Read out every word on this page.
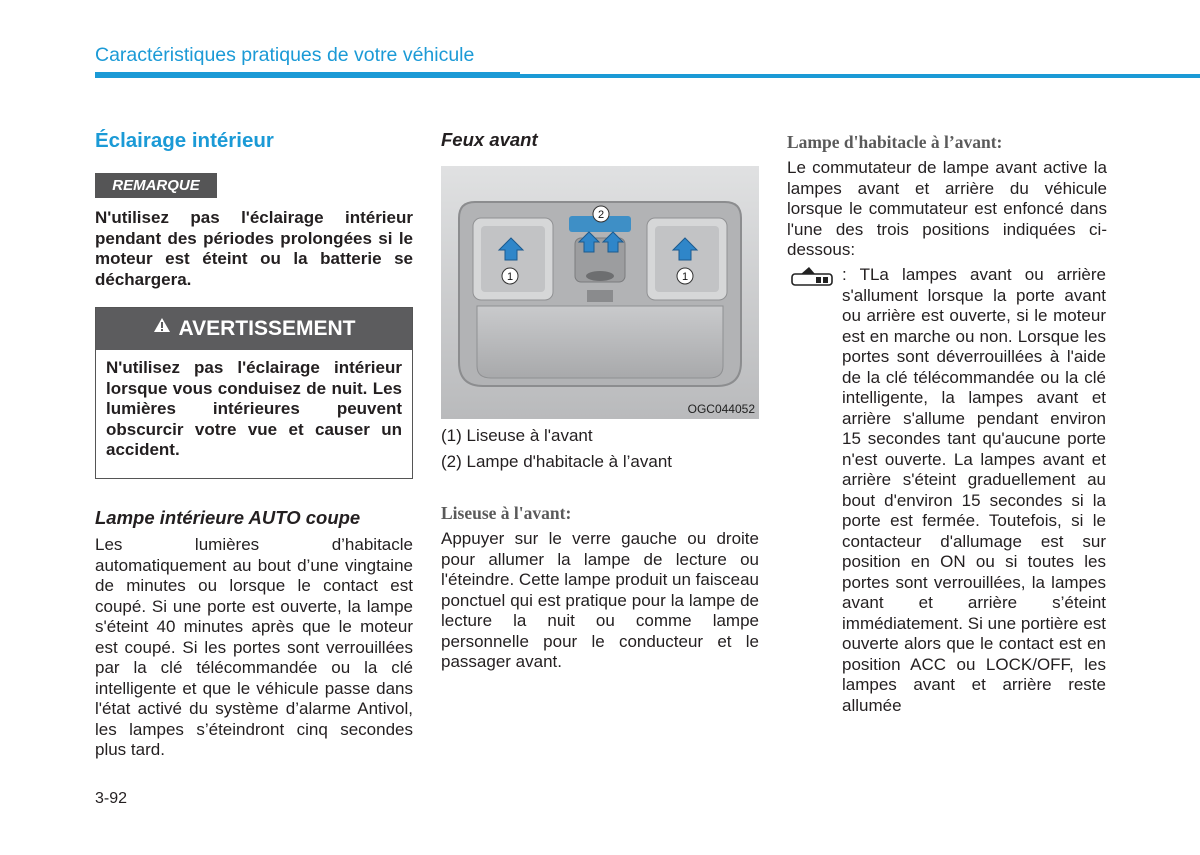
Caractéristiques pratiques de votre véhicule
Éclairage intérieur
REMARQUE
N'utilisez pas l'éclairage intérieur pendant des périodes prolongées si le moteur est éteint ou la batterie se déchargera.
AVERTISSEMENT
N'utilisez pas l'éclairage intérieur lorsque vous conduisez de nuit. Les lumières intérieures peuvent obscurcir votre vue et causer un accident.
Lampe intérieure AUTO coupe
Les lumières d’habitacle automatiquement au bout d’une vingtaine de minutes ou lorsque le contact est coupé. Si une porte est ouverte, la lampe s'éteint 40 minutes après que le moteur est coupé. Si les portes sont verrouillées par la clé télécommandée ou la clé intelligente et que le véhicule passe dans l'état activé du système d’alarme Antivol, les lampes s’éteindront cinq secondes plus tard.
Feux avant
1
2
1
OGC044052
(1) Liseuse à l'avant
(2) Lampe d'habitacle à l’avant
Liseuse à l'avant:
Appuyer sur le verre gauche ou droite pour allumer la lampe de lecture ou l'éteindre. Cette lampe produit un faisceau ponctuel qui est pratique pour la lampe de lecture la nuit ou comme lampe personnelle pour le conducteur et le passager avant.
Lampe d'habitacle à l’avant:
Le commutateur de lampe avant active la lampes avant et arrière du véhicule lorsque le commutateur est enfoncé dans l'une des trois positions indiquées ci-dessous:
: TLa lampes avant ou arrière s'allument lorsque la porte avant ou arrière est ouverte, si le moteur est en marche ou non. Lorsque les portes sont déverrouillées à l'aide de la clé télécommandée ou la clé intelligente, la lampes avant et arrière s'allume pendant environ 15 secondes tant qu'aucune porte n'est ouverte. La lampes avant et arrière s'éteint graduellement au bout d'environ 15 secondes si la porte est fermée. Toutefois, si le contacteur d'allumage est sur position en ON ou si toutes les portes sont verrouillées, la lampes avant et arrière s’éteint immédiatement. Si une portière est ouverte alors que le contact est en position ACC ou LOCK/OFF, les lampes avant et arrière reste allumée
3-92
